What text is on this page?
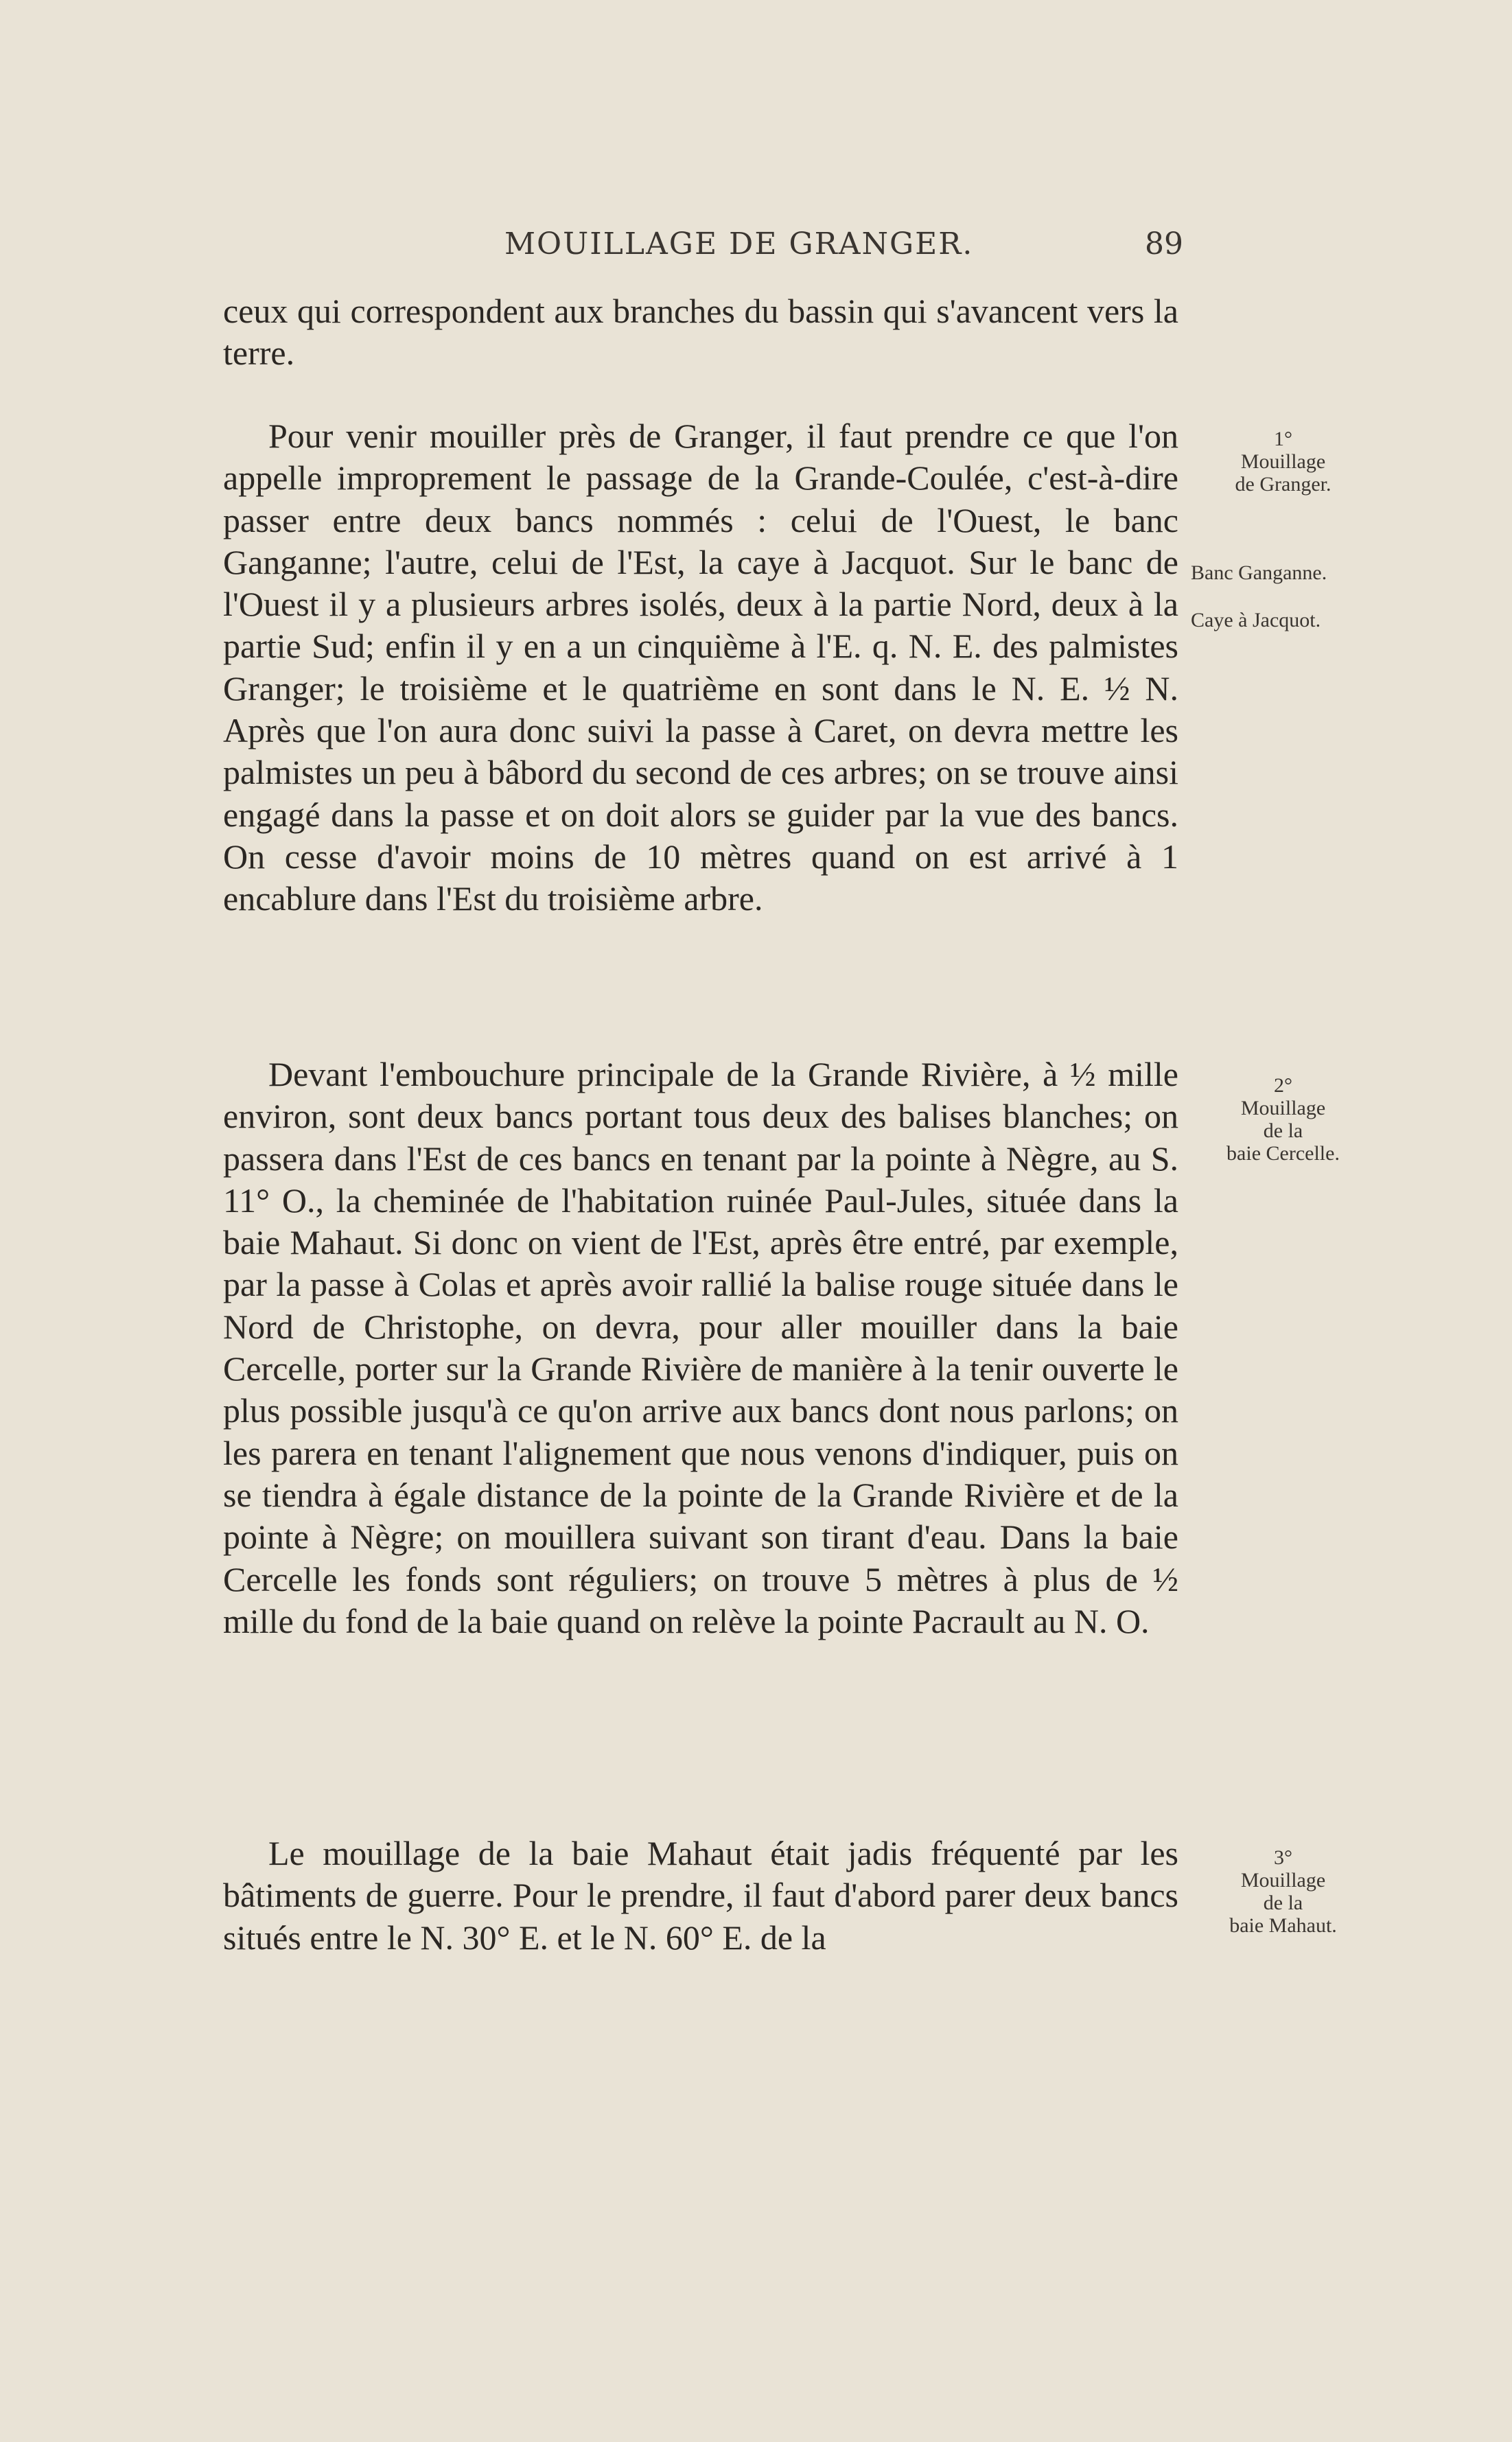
MOUILLAGE DE GRANGER.	89

ceux qui correspondent aux branches du bassin qui s'avancent vers la terre.

Pour venir mouiller près de Granger, il faut prendre ce que l'on appelle improprement le passage de la Grande-Coulée, c'est-à-dire passer entre deux bancs nommés : celui de l'Ouest, le banc Ganganne; l'autre, celui de l'Est, la caye à Jacquot. Sur le banc de l'Ouest il y a plusieurs arbres isolés, deux à la partie Nord, deux à la partie Sud; enfin il y en a un cinquième à l'E. q. N. E. des palmistes Granger; le troisième et le quatrième en sont dans le N. E. ½ N. Après que l'on aura donc suivi la passe à Caret, on devra mettre les palmistes un peu à bâbord du second de ces arbres; on se trouve ainsi engagé dans la passe et on doit alors se guider par la vue des bancs. On cesse d'avoir moins de 10 mètres quand on est arrivé à 1 encablure dans l'Est du troisième arbre.

Devant l'embouchure principale de la Grande Rivière, à ½ mille environ, sont deux bancs portant tous deux des balises blanches; on passera dans l'Est de ces bancs en tenant par la pointe à Nègre, au S. 11° O., la cheminée de l'habitation ruinée Paul-Jules, située dans la baie Mahaut. Si donc on vient de l'Est, après être entré, par exemple, par la passe à Colas et après avoir rallié la balise rouge située dans le Nord de Christophe, on devra, pour aller mouiller dans la baie Cercelle, porter sur la Grande Rivière de manière à la tenir ouverte le plus possible jusqu'à ce qu'on arrive aux bancs dont nous parlons; on les parera en tenant l'alignement que nous venons d'indiquer, puis on se tiendra à égale distance de la pointe de la Grande Rivière et de la pointe à Nègre; on mouillera suivant son tirant d'eau. Dans la baie Cercelle les fonds sont réguliers; on trouve 5 mètres à plus de ½ mille du fond de la baie quand on relève la pointe Pacrault au N. O.

Le mouillage de la baie Mahaut était jadis fréquenté par les bâtiments de guerre. Pour le prendre, il faut d'abord parer deux bancs situés entre le N. 30° E. et le N. 60° E. de la

1°
Mouillage
de Granger.
Banc Ganganne.
Caye à Jacquot.
2°
Mouillage
de la
baie Cercelle.
3°
Mouillage
de la
baie Mahaut.
